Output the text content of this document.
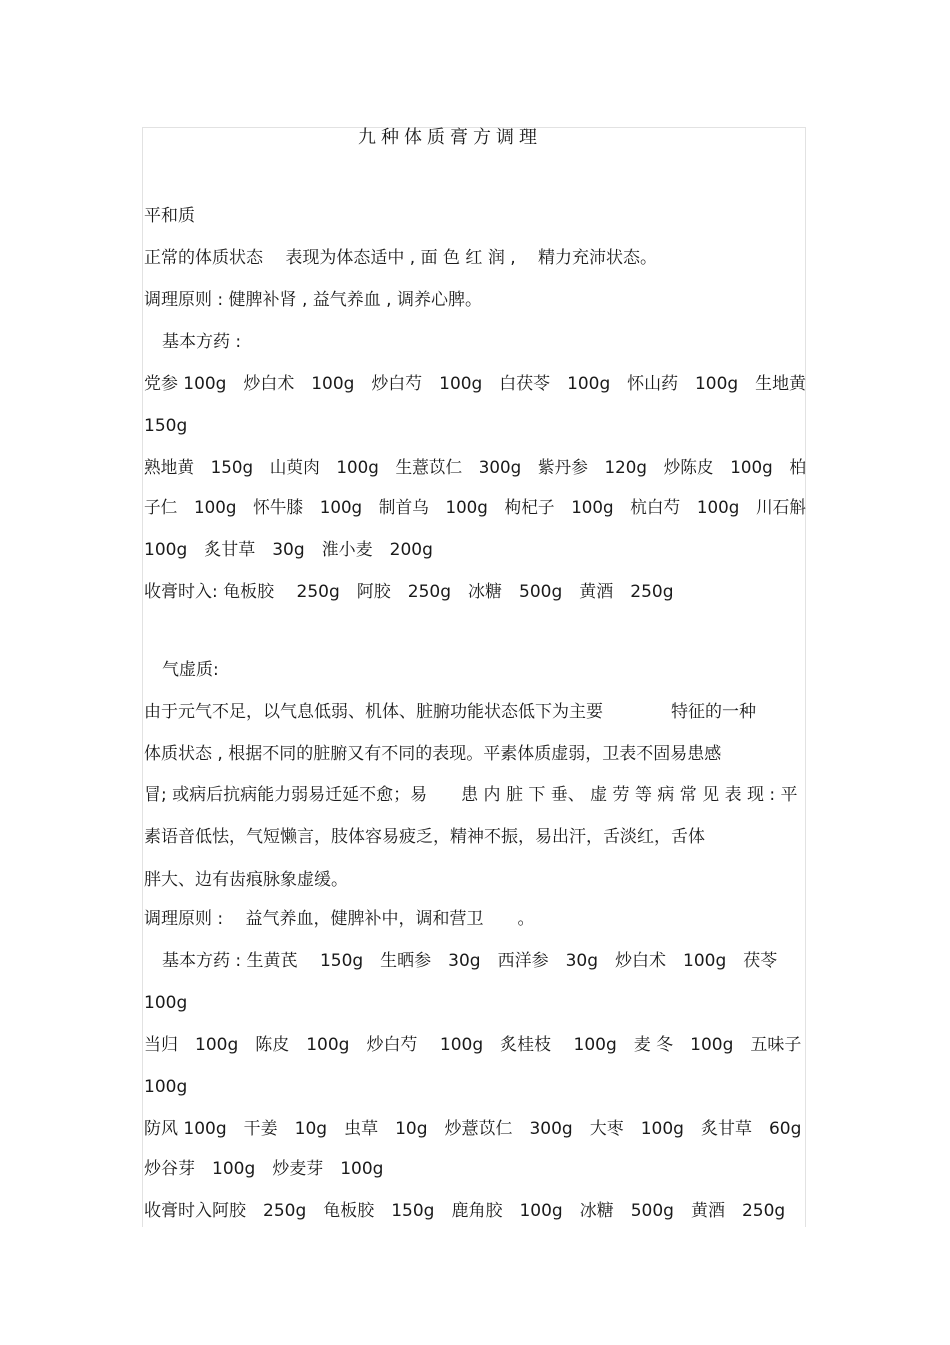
九种体质膏方调理
平和质
正常的体质状态　 表现为体态适中 , 面 色 红 润 ,　 精力充沛状态。
调理原则 : 健脾补肾 , 益气养血 , 调养心脾。
基本方药 :
党参 100g　炒白术　100g　炒白芍　100g　白茯苓　100g　怀山药　100g　生地黄
150g
熟地黄　150g　山萸肉　100g　生薏苡仁　300g　紫丹参　120g　炒陈皮　100g　柏
子仁　100g　怀牛膝　100g　制首乌　100g　枸杞子　100g　杭白芍　100g　川石斛
100g　炙甘草　30g　淮小麦　200g
收膏时入: 龟板胶　 250g　阿胶　250g　冰糖　500g　黄酒　250g
气虚质:
由于元气不足，以气息低弱、机体、脏腑功能状态低下为主要　　　　特征的一种
体质状态 , 根据不同的脏腑又有不同的表现。平素体质虚弱，卫表不固易患感
冒; 或病后抗病能力弱易迁延不愈；易　　患 内 脏 下 垂、 虚 劳 等 病 常 见 表 现 : 平
素语音低怯，气短懒言，肢体容易疲乏，精神不振，易出汗，舌淡红，舌体
胖大、边有齿痕脉象虚缓。
调理原则 :　 益气养血，健脾补中，调和营卫　　。
基本方药 : 生黄芪　 150g　生晒参　30g　西洋参　30g　炒白术　100g　茯苓
100g
当归　100g　陈皮　100g　炒白芍　 100g　炙桂枝　 100g　麦 冬　100g　五味子
100g
防风 100g　干姜　10g　虫草　10g　炒薏苡仁　300g　大枣　100g　炙甘草　60g
炒谷芽　100g　炒麦芽　100g
收膏时入阿胶　250g　龟板胶　150g　鹿角胶　100g　冰糖　500g　黄酒　250g
